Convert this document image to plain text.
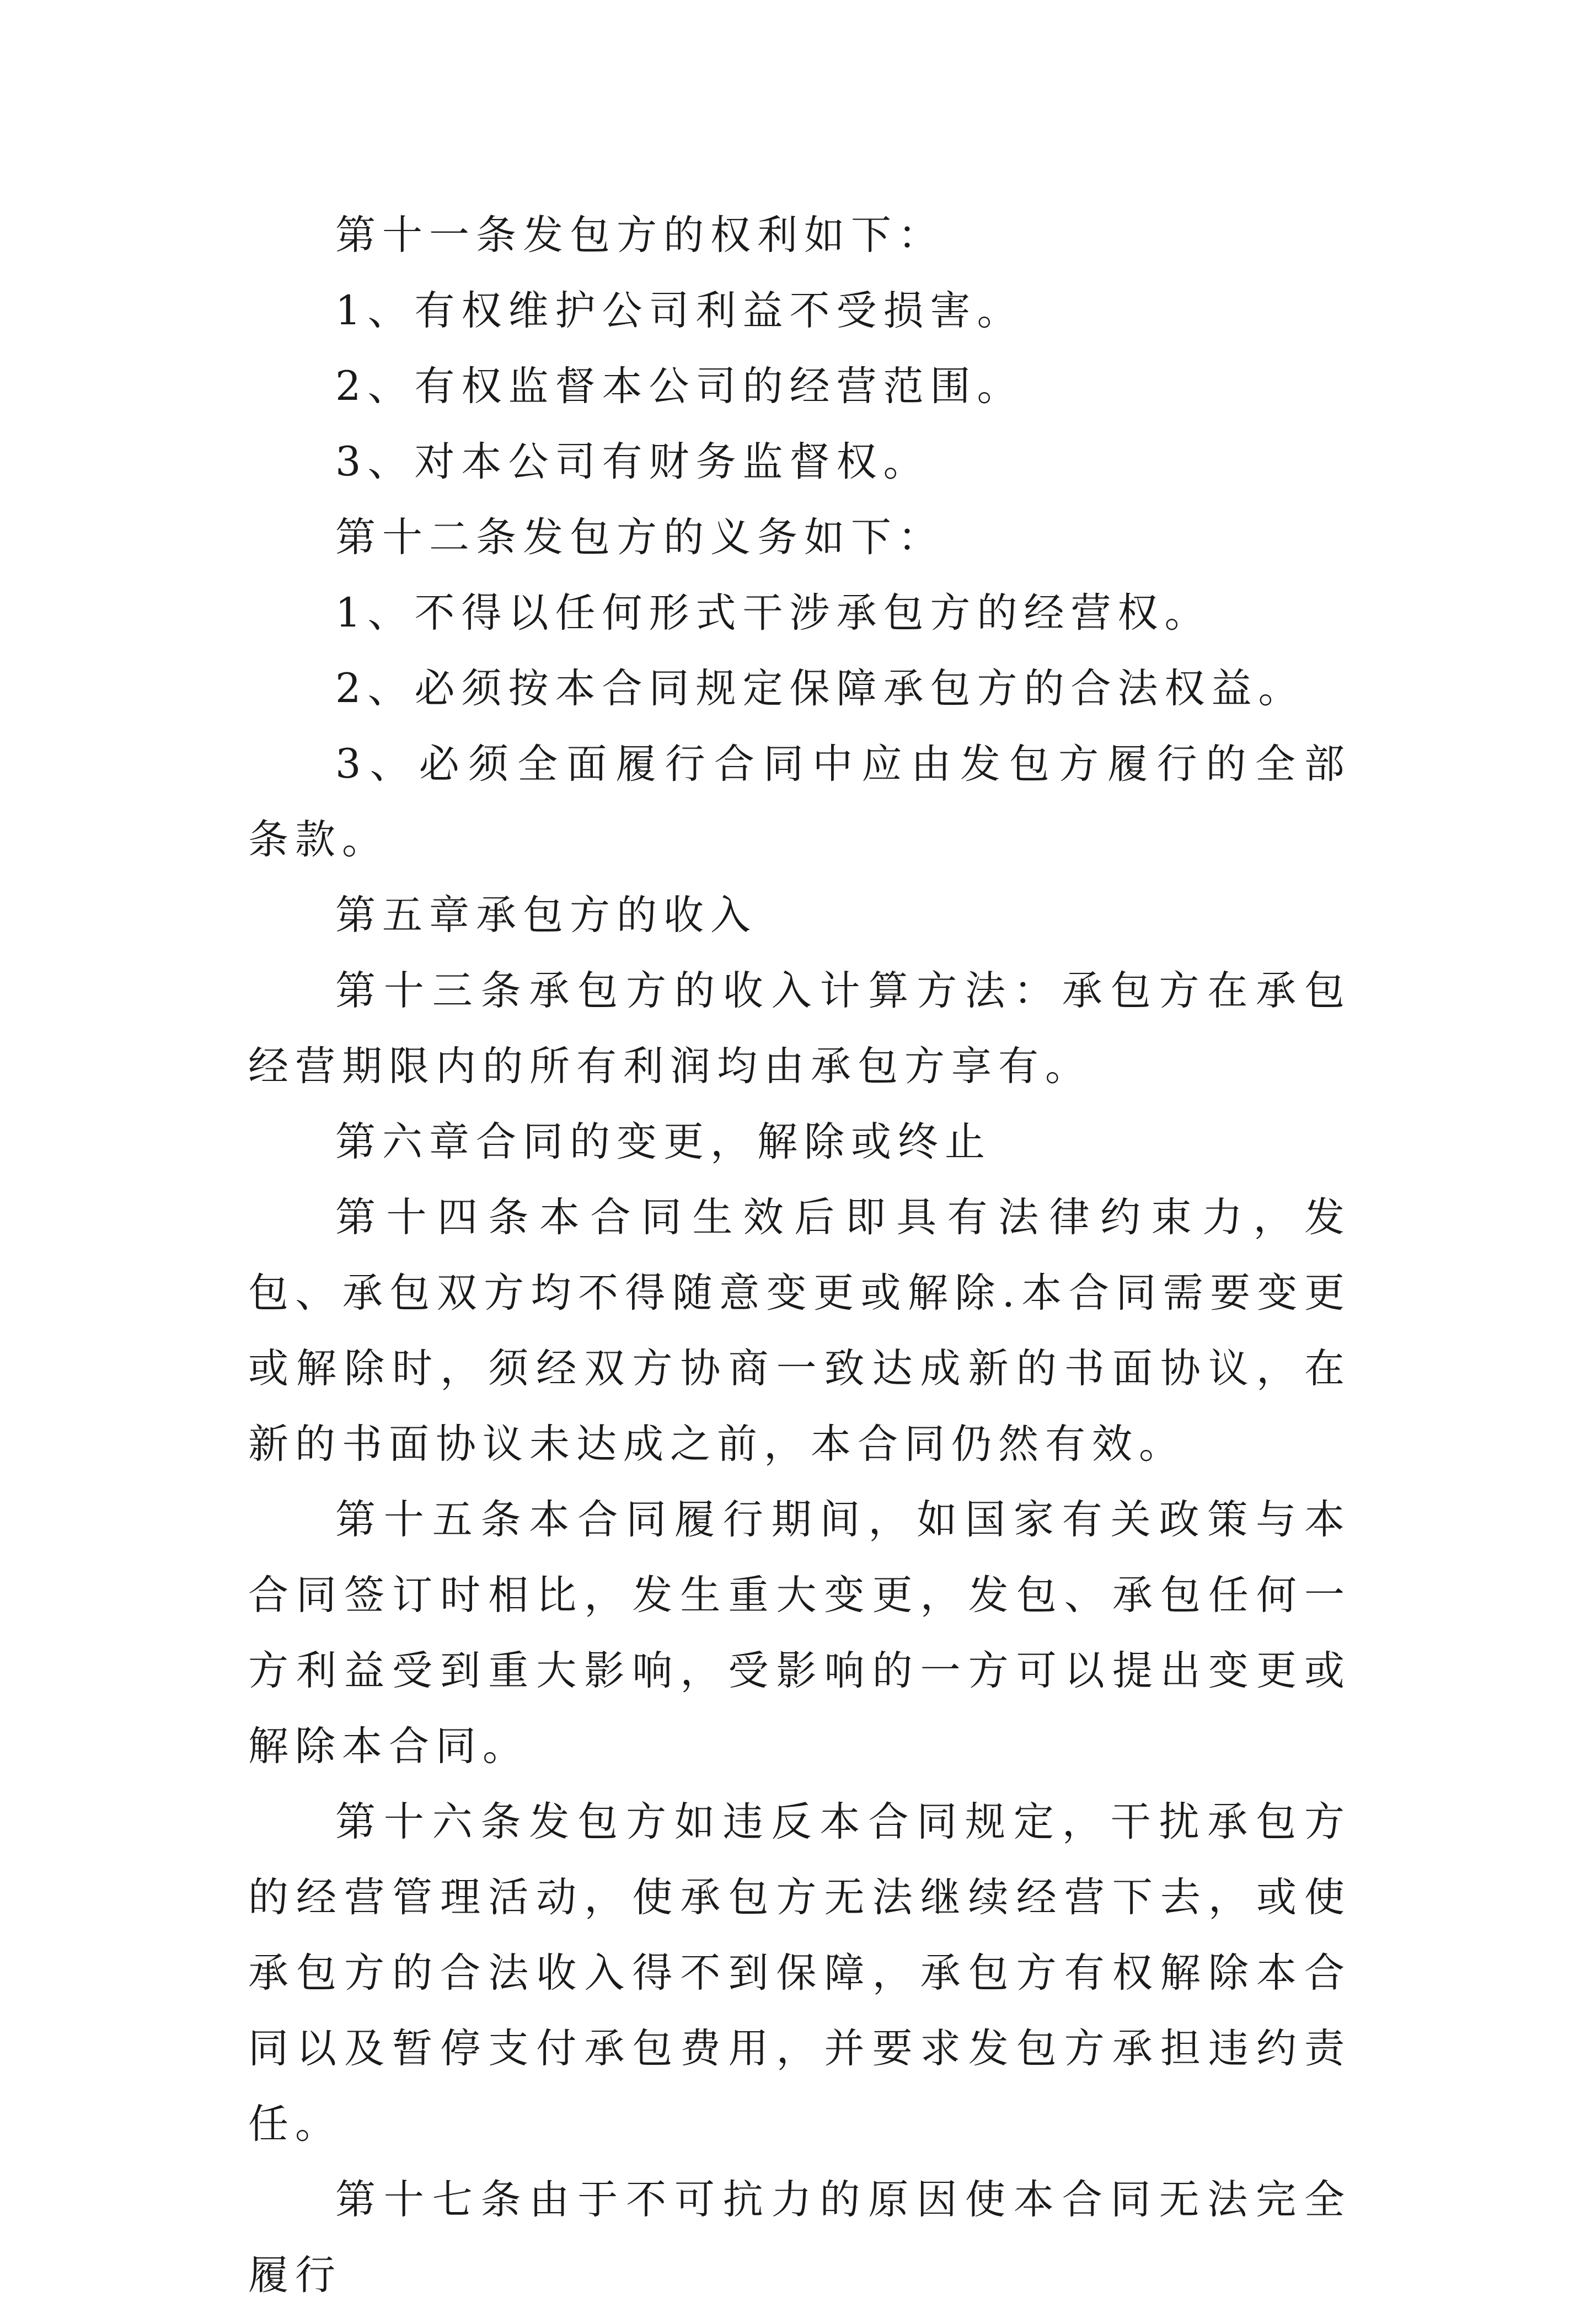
第十一条发包方的权利如下：

1、有权维护公司利益不受损害。

2、有权监督本公司的经营范围。

3、对本公司有财务监督权。

第十二条发包方的义务如下：

1、不得以任何形式干涉承包方的经营权。

2、必须按本合同规定保障承包方的合法权益。

3、必须全面履行合同中应由发包方履行的全部条款。

第五章承包方的收入

第十三条承包方的收入计算方法：承包方在承包经营期限内的所有利润均由承包方享有。

第六章合同的变更，解除或终止

第十四条本合同生效后即具有法律约束力，发包、承包双方均不得随意变更或解除.本合同需要变更或解除时，须经双方协商一致达成新的书面协议，在新的书面协议未达成之前，本合同仍然有效。

第十五条本合同履行期间，如国家有关政策与本合同签订时相比，发生重大变更，发包、承包任何一方利益受到重大影响，受影响的一方可以提出变更或解除本合同。

第十六条发包方如违反本合同规定，干扰承包方的经营管理活动，使承包方无法继续经营下去，或使承包方的合法收入得不到保障，承包方有权解除本合同以及暂停支付承包费用，并要求发包方承担违约责任。

第十七条由于不可抗力的原因使本合同无法完全履行
